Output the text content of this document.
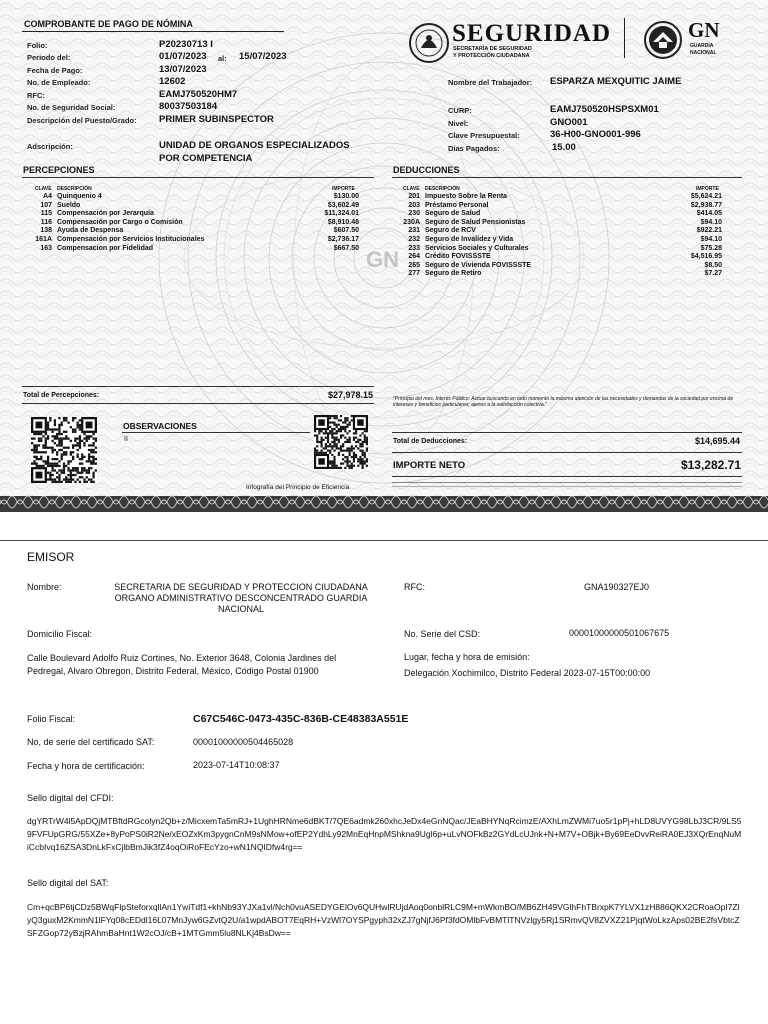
GN
COMPROBANTE DE PAGO DE NÓMINA	SEGURIDAD
SECRETARÍA DE SEGURIDAD
Y PROTECCIÓN CIUDADANA
GN
GUARDIA
NACIONAL
Folio:	P20230713 I
Periodo del:	01/07/2023 al: 15/07/2023
Fecha de Pago:	13/07/2023
No. de Empleado:	12602
RFC:	EAMJ750520HM7
No. de Seguridad Social:	80037503184
Descripción del Puesto/Grado: PRIMER SUBINSPECTOR
Adscripción:	UNIDAD DE ORGANOS ESPECIALIZADOS
POR COMPETENCIA
Nombre del Trabajador: ESPARZA MEXQUITIC JAIME
CURP:	EAMJ750520HSPSXM01
Nivel:	GNO001
Clave Presupuestal:	36-H00-GNO001-996
Días Pagados:	15.00
PERCEPCIONES
CLAVE DESCRIPCIÓN	IMPORTE
A4 Quinquenio 4	$130.00
107 Sueldo	$3,602.49
115 Compensación por Jerarquía	$11,324.01
116 Compensación por Cargo o Comisión	$8,910.48
138 Ayuda de Despensa	$607.50
161A Compensación por Servicios Institucionales	$2,736.17
163 Compensacion por Fidelidad	$667.50
Total de Percepciones:	$27,978.15
DEDUCCIONES
CLAVE DESCRIPCIÓN	IMPORTE
201 Impuesto Sobre la Renta	$5,624.21
203 Préstamo Personal	$2,938.77
230 Seguro de Salud	$414.05
230A Seguro de Salud Pensionistas	$94.10
231 Seguro de RCV	$922.21
232 Seguro de Invalidez y Vida	$94.10
233 Servicios Sociales y Culturales	$75.28
264 Crédito FOVISSSTE	$4,516.95
265 Seguro de Vivienda FOVISSSTE	$8.50
277 Seguro de Retiro	$7.27
"Principio del mes. Interés Público: Actuar buscando en todo momento la máxima atención de las necesidades y demandas de la sociedad por encima de intereses y beneficios particulares, ajenos a la satisfacción colectiva."
OBSERVACIONES
II
Infografía del Principio de Eficiencia
Total de Deducciones:	$14,695.44
IMPORTE NETO	$13,282.71
EMISOR
Nombre:	SECRETARIA DE SEGURIDAD Y PROTECCION CIUDADANA ORGANO ADMINISTRATIVO DESCONCENTRADO GUARDIA NACIONAL
RFC:	GNA190327EJ0
Domicilio Fiscal:	No. Serie del CSD:	00001000000501067675
Calle Boulevard Adolfo Ruiz Cortines, No. Exterior 3648, Colonia Jardines del Pedregal, Alvaro Obregon, Distrito Federal, México, Código Postal 01900
Lugar, fecha y hora de emisión:
Delegación Xochimilco, Distrito Federal 2023-07-15T00:00:00
Folio Fiscal:	C67C546C-0473-435C-836B-CE48383A551E
No, de serie del certificado SAT:	00001000000504465028
Fecha y hora de certificación:	2023-07-14T10:08:37
Sello digital del CFDI:
dgYRTrW4l5ApDQjMTBftdRGcolyn2Qb+z/MicxemTa5mRJ+1UghHRNme6dBKT/7QE6admk260xhcJeDx4eGnNQac/JEaBHYNqRcimzE/AXhLmZWMi7uo5r1pPj+hLD8UVYG98LbJ3CR/9LS59FVFUpGRG/55XZe+8yPoPS0iR2Ne/xEOZxKm3pygnCnM9sNMow+ofEP2YdhLy92MnEqHnpMShkna9Ugl6p+uLvNOFkBz2GYdLcUJnk+N+M7V+OBjk+By69EeDvvReiRA0EJ3XQrEnqNuMiCcbIvq16ZSA3DnLkFxCjlbBmJik3fZ4oqOiRoFEcYzo+wN1NQIDfw4rg==
Sello digital del SAT:
Cm+qcBP6tjCDz5BWqFlpSteforxqllAn1YwiTdf1+khNb93YJXa1vl/Nch0vuASEDYGElOv6QUHwlRUjdAoq0onblRLC9M+mWkmBO/MB6ZH49VGlhFhTBrxpK7YLVX1zH886QKX2CRoaOpI7ZlyQ3guxM2KmmN1lFYq08cEDdl16L07MnJyw6GZvtQ2U/a1wpdABOT7EqRH+VzWl7OYSPgyph32xZJ7gNjfJ6Pf3fdOMlbFvBMTlTNVzlgy5Rj1SRmvQV8ZVXZ21PjqtWoLkzAps02BE2fsVbtcZSFZGop72yBzjRAhmBaHnt1W2cOJ/cB+1MTGmm5lu8NLKj4BsDw==
